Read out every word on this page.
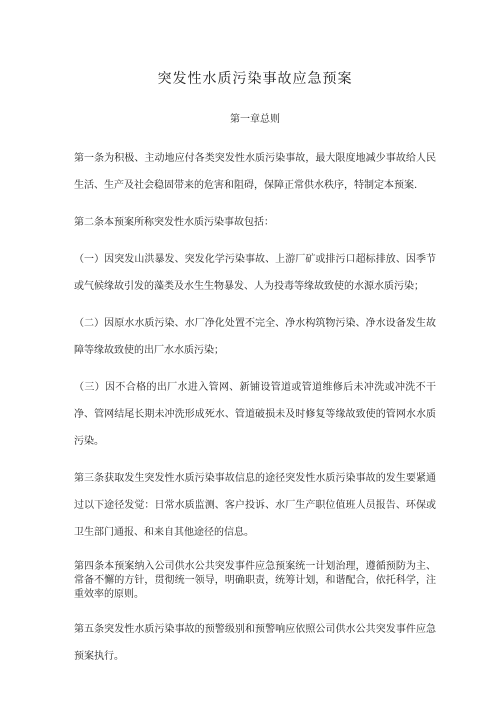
突发性水质污染事故应急预案
第一章总则

第一条为积极、主动地应付各类突发性水质污染事故，最大限度地减少事故给人民生活、生产及社会稳固带来的危害和阻碍，保障正常供水秩序，特制定本预案.

第二条本预案所称突发性水质污染事故包括：

（一）因突发山洪暴发、突发化学污染事故、上游厂矿或排污口超标排放、因季节或气候缘故引发的藻类及水生生物暴发、人为投毒等缘故致使的水源水质污染；

（二）因原水水质污染、水厂净化处置不完全、净水构筑物污染、净水设备发生故障等缘故致使的出厂水水质污染；

（三）因不合格的出厂水进入管网、新铺设管道或管道维修后未冲洗或冲洗不干净、管网结尾长期未冲洗形成死水、管道破损未及时修复等缘故致使的管网水水质污染。

第三条获取发生突发性水质污染事故信息的途径突发性水质污染事故的发生要紧通过以下途径发觉：日常水质监测、客户投诉、水厂生产职位值班人员报告、环保或卫生部门通报、和来自其他途径的信息。

第四条本预案纳入公司供水公共突发事件应急预案统一计划治理，遵循预防为主、常备不懈的方针，贯彻统一领导，明确职责，统筹计划，和谐配合，依托科学，注重效率的原则。

第五条突发性水质污染事故的预警级别和预警响应依照公司供水公共突发事件应急预案执行。
